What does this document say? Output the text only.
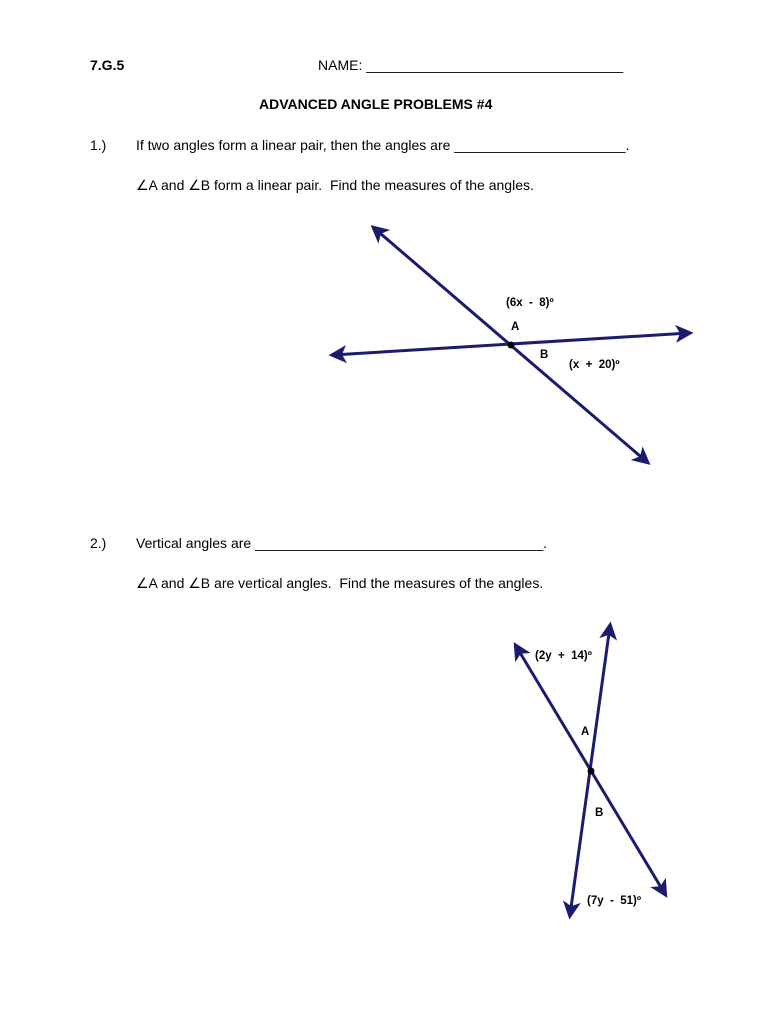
7.G.5	NAME: _________________________________
ADVANCED ANGLE PROBLEMS #4
1.) If two angles form a linear pair, then the angles are ______________________.
∠A and ∠B form a linear pair.  Find the measures of the angles.
2.) Vertical angles are _____________________________________.
∠A and ∠B are vertical angles.  Find the measures of the angles.
(6x  -  8)º
A
B
(x  +  20)º
(2y  +  14)º
A
B
(7y  -  51)º
